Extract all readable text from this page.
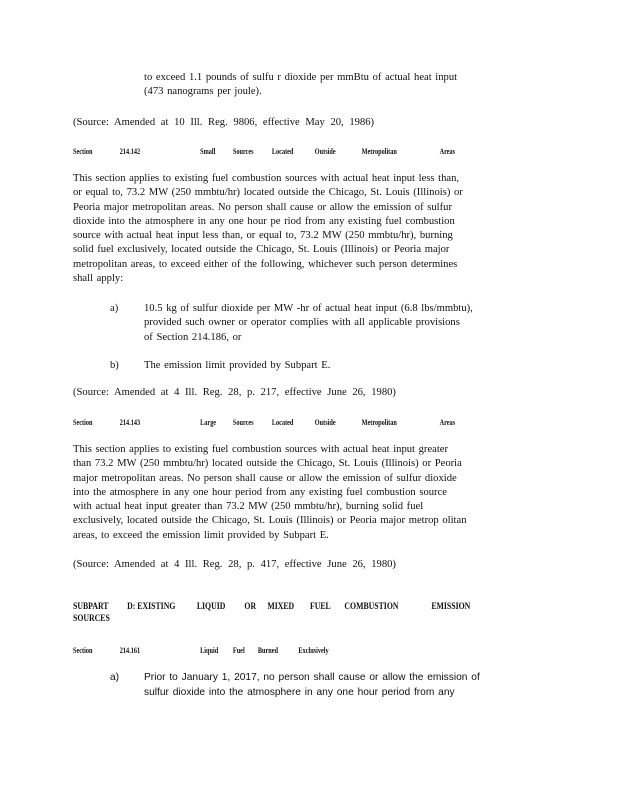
to exceed 1.1 pounds of sulfu r dioxide per mmBtu of actual heat input
(473 nanograms per joule).

(Source: Amended at 10 Ill. Reg. 9806, effective May 20, 1986)

Section	214.142	Small Sources Located	Outside	Metropolitan	Areas

This section applies to existing fuel combustion sources with actual heat input less than,
or equal to, 73.2 MW (250 mmbtu/hr) located outside the Chicago, St. Louis (Illinois) or
Peoria major metropolitan areas. No person shall cause or allow the emission of sulfur
dioxide into the atmosphere in any one hour pe riod from any existing fuel combustion
source with actual heat input less than, or equal to, 73.2 MW (250 mmbtu/hr), burning
solid fuel exclusively, located outside the Chicago, St. Louis (Illinois) or Peoria major
metropolitan areas, to exceed either of the following, whichever such person determines
shall apply:

a) 10.5 kg of sulfur dioxide per MW -hr of actual heat input (6.8 lbs/mmbtu),
provided such owner or operator complies with all applicable provisions
of Section 214.186, or

b) The emission limit provided by Subpart E.

(Source: Amended at 4 Ill. Reg. 28, p. 217, effective June 26, 1980)

Section	214.143	Large Sources Located	Outside	Metropolitan	Areas

This section applies to existing fuel combustion sources with actual heat input greater
than 73.2 MW (250 mmbtu/hr) located outside the Chicago, St. Louis (Illinois) or Peoria
major metropolitan areas. No person shall cause or allow the emission of sulfur dioxide
into the atmosphere in any one hour period from any existing fuel combustion source
with actual heat input greater than 73.2 MW (250 mmbtu/hr), burning solid fuel
exclusively, located outside the Chicago, St. Louis (Illinois) or Peoria major metrop olitan
areas, to exceed the emission limit provided by Subpart E.

(Source: Amended at 4 Ill. Reg. 28, p. 417, effective June 26, 1980)

SUBPART D: EXISTING LIQUID OR MIXED FUEL COMBUSTION	EMISSION
SOURCES
Section	214.161	Liquid Fuel Burned	Exclusively
a) Prior to January 1, 2017, no person shall cause or allow the emission of
sulfur dioxide into the atmosphere in any one hour period from any
